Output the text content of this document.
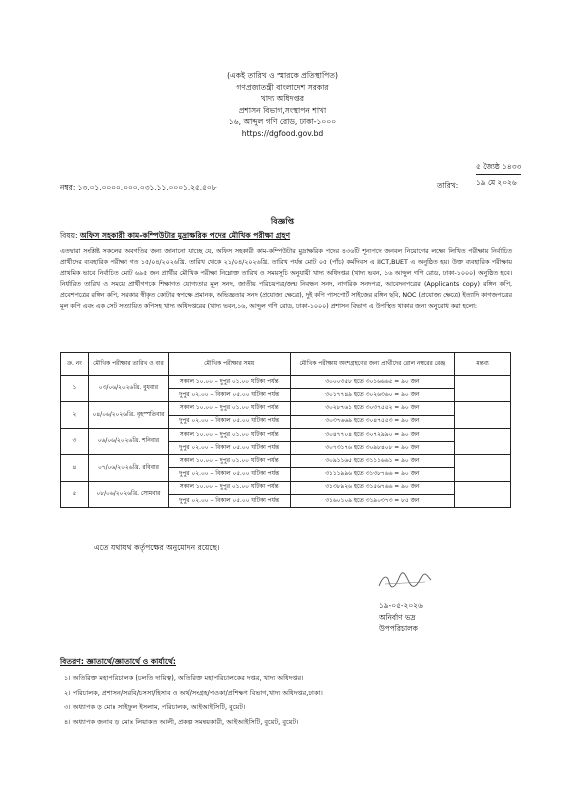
(একই তারিখ ও স্মারকে প্রতিস্থাপিত)
গণপ্রজাতন্ত্রী বাংলাদেশ সরকার
খাদ্য অধিদপ্তর
প্রশাসন বিভাগ,সংস্থাপন শাখা
১৬, আব্দুল গণি রোড, ঢাকা-১০০০
https://dgfood.gov.bd
নম্বর: ১৩.০১.০০০০.০০০.০৩১.১১.০০০১.২৫.৫০৮	তারিখ:
৫ জ্যৈষ্ঠ ১৪৩৩
১৯ মে ২০২৬
বিজ্ঞপ্তি
বিষয়: অফিস সহকারী কাম-কম্পিউটার মুদ্রাক্ষরিক পদের মৌখিক পরীক্ষা গ্রহণ
এতদ্বারা সংশ্লিষ্ট সকলের অবগতির জন্য জানানো যাচ্ছে যে, অফিস সহকারী কাম-কম্পিউটার মুদ্রাক্ষরিক পদের ৪৩৬টি শূন্যপদে জনবল নিয়োগের লক্ষ্যে লিখিত পরীক্ষায় নির্বাচিত প্রার্থীদের ব্যবহারিক পরীক্ষা গত ১৫/০৪/২০২৬খ্রি. তারিখ থেকে ২১/০৪/২০২৬খ্রি. তারিখ পর্যন্ত মোট ০৫ (পাঁচ) কর্মদিবস এ IICT,BUET এ অনুষ্ঠিত হয়। উক্ত ব্যবহারিক পরীক্ষায় প্রাথমিক ভাবে নির্বাচিত মোট ৬৯৫ জন প্রার্থীর মৌখিক পরীক্ষা নিম্নোক্ত তারিখ ও সময়সূচি অনুযায়ী খাদ্য অধিদপ্তর (খাদ্য ভবন, ১৬ আব্দুল গণি রোড, ঢাকা-১০০০) অনুষ্ঠিত হবে। নির্ধারিত তারিখ ও সময়ে প্রার্থীগণকে শিক্ষাগত যোগ্যতার মূল সনদ, জাতীয় পরিচয়পত্র/জন্ম নিবন্ধন সনদ, নাগরিক সনদপত্র, আবেদনপত্রের (Applicants copy) রঙ্গিন কপি, প্রবেশপত্রের রঙ্গিন কপি, সরকার স্বীকৃত কোটার স্বপক্ষে প্রমানক, অভিজ্ঞতার সনদ (প্রযোজ্য ক্ষেত্রে), দুই কপি পাসপোর্ট সাইজের রঙ্গিন ছবি, NOC (প্রযোজ্য ক্ষেত্রে) ইত্যাদি কাগজপত্রের মূল কপি এবং এক সেট সত্যায়িত কপিসহ খাদ্য অধিদপ্তরের (খাদ্য ভবন,১৬, আব্দুল গণি রোড, ঢাকা-১০০০) প্রশাসন বিভাগ এ উপস্থিত থাকার জন্য অনুরোধ করা হলো:
ক্র. নং	মৌখিক পরীক্ষার তারিখ ও বার	মৌখিক পরীক্ষার সময়	মৌখিক পরীক্ষায় অংশগ্রহণের জন্য প্রার্থীদের রোল নম্বরের রেঞ্জ	মন্তব্য
১	০৩/০৬/২০২৬খ্রি. বুধবার	সকাল ১০.০০ – দুপুর ০১.০০ ঘটিকা পর্যন্ত	৩০০০৩৫৮ হতে ৩০১৬৬৬৫ = ৯০ জন	
		দুপুর ০২.০০ – বিকাল ০৫.০০ ঘটিকা পর্যন্ত	৩০১৭৭৪৯ হতে ৩০২৬৩৬০ = ৯০ জন	
২	০৪/০৬/২০২৬খ্রি. বৃহস্পতিবার	সকাল ১০.০০ – দুপুর ০১.০০ ঘটিকা পর্যন্ত	৩০২৮৭৬১ হতে ৩০৩৭৫৫২ = ৯০ জন	
		দুপুর ০২.০০ – বিকাল ০৫.০০ ঘটিকা পর্যন্ত	৩০৩৭৬৬৯ হতে ৩০৪৭৫৫৩ = ৯০ জন	
৩	০৬/০৬/২০২৬খ্রি. শনিবার	সকাল ১০.০০ – দুপুর ০১.০০ ঘটিকা পর্যন্ত	৩০৪৭৭০৪ হতে ৩০৭২৯৯০ = ৯০ জন	
		দুপুর ০২.০০ – বিকাল ০৫.০০ ঘটিকা পর্যন্ত	৩০৭৩১৭৬ হতে ৩০৯৮৪০৮ = ৯০ জন	
৪	০৭/০৬/২০২৬খ্রি. রবিবার	সকাল ১০.০০ – দুপুর ০১.০০ ঘটিকা পর্যন্ত	৩০৯১১৬৫ হতে ৩১১১৬৬১ = ৯০ জন	
		দুপুর ০২.০০ – বিকাল ০৫.০০ ঘটিকা পর্যন্ত	৩১১১৯৯৬ হতে ৩১৩৮৭৬৬ = ৯০ জন	
৫	০৮/০৬/২০২৬খ্রি. সোমবার	সকাল ১০.০০ – দুপুর ০১.০০ ঘটিকা পর্যন্ত	৩১৩৮৯২৬ হতে ৩১৫৬৭৬৬ = ৯০ জন	
		দুপুর ০২.০০ – বিকাল ০৫.০০ ঘটিকা পর্যন্ত	৩১৬০১০৯ হতে ৩১৯০৩৭৩ = ৮৫ জন	
এতে যথাযথ কর্তৃপক্ষের অনুমোদন রয়েছে।
১৯-০৫-২০২৬
অনির্বাণ ভদ্র
উপপরিচালক
বিতরণ: জ্ঞাতার্থে/জ্ঞাতার্থে ও কার্যার্থে:
১। অতিরিক্ত মহাপরিচালক (চলতি দায়িত্ব), অতিরিক্ত মহাপরিচালকের দপ্তর, খাদ্য অধিদপ্তর।
২। পরিচালক, প্রশাসন/সরবি/চসসা/হিসাব ও অর্থ/সংগ্রহ/পওকা/প্রশিক্ষণ বিভাগ,খাদ্য অধিদপ্তর,ঢাকা।
৩। অধ্যাপক ড় মোঃ সাইফুল ইসলাম, পরিচালক, আইআইসিটি, বুয়েট।
৪। অধ্যাপক জনাব ড় মোঃ লিয়াকত আলী, প্রকল্প সমন্বয়কারী, আইআইসিটি, বুয়েট, বুয়েট।
